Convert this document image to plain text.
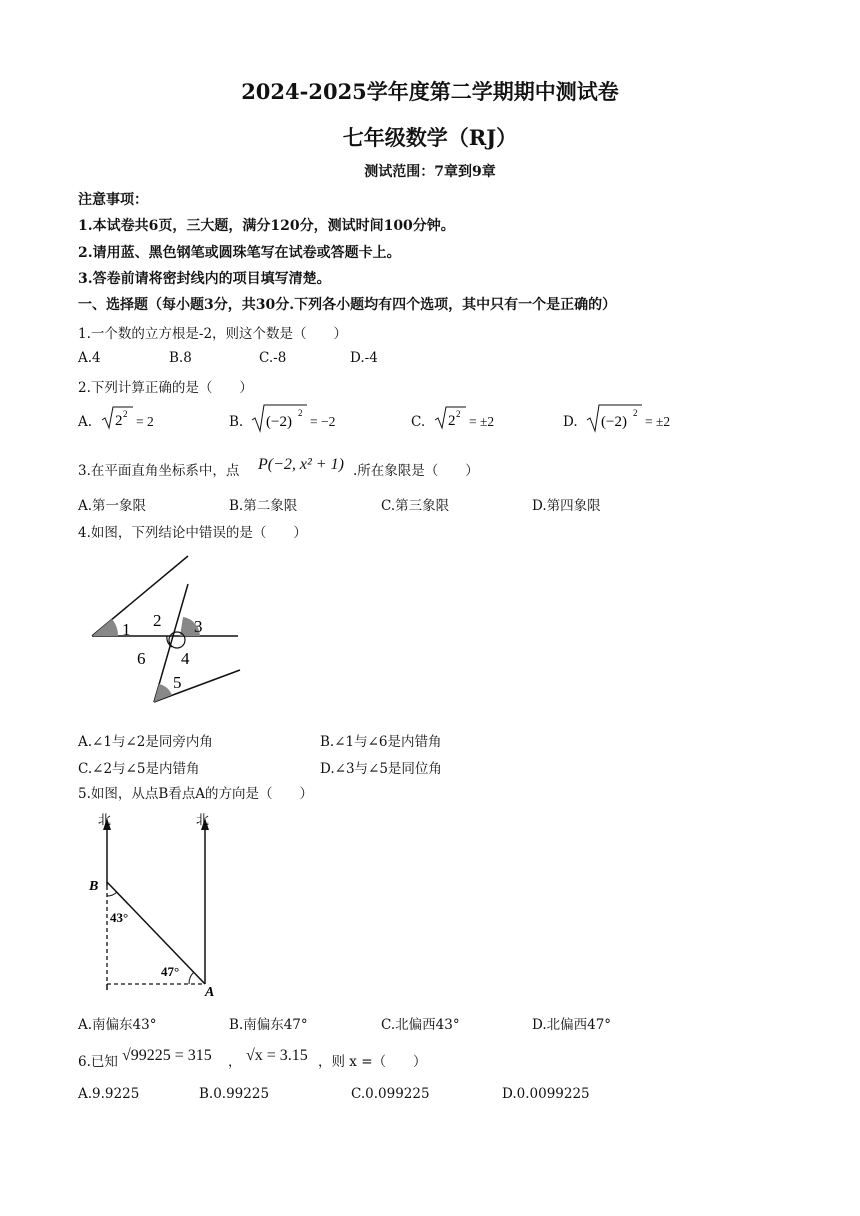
2024-2025学年度第二学期期中测试卷
七年级数学（RJ）
测试范围：7章到9章
注意事项：
1.本试卷共6页，三大题，满分120分，测试时间100分钟。
2.请用蓝、黑色钢笔或圆珠笔写在试卷或答题卡上。
3.答卷前请将密封线内的项目填写清楚。
一、选择题（每小题3分，共30分.下列各小题均有四个选项，其中只有一个是正确的）
1.一个数的立方根是-2，则这个数是（　　）
A.4	B.8	C.-8	D.-4
2.下列计算正确的是（　　）
A. 2 2 = 2	B. (−2)
2
= −2	C. 2 2 = ±2	D. (−2)
2
= ±2
3.在平面直角坐标系中，点 P(−2, x² + 1) .所在象限是（　　）
A.第一象限	B.第二象限	C.第三象限	D.第四象限
4.如图，下列结论中错误的是（　　）
1 2 3
4
5
6
A.∠1与∠2是同旁内角	B.∠1与∠6是内错角
C.∠2与∠5是内错角	D.∠3与∠5是同位角
5.如图，从点B看点A的方向是（　　）
北	北
B
A
43°
47°
A.南偏东43°	B.南偏东47°	C.北偏西43°	D.北偏西47°
6.已知 √99225 = 315 ， √x = 3.15 ，则 x =（　　）
A.9.9225	B.0.99225	C.0.099225	D.0.0099225
